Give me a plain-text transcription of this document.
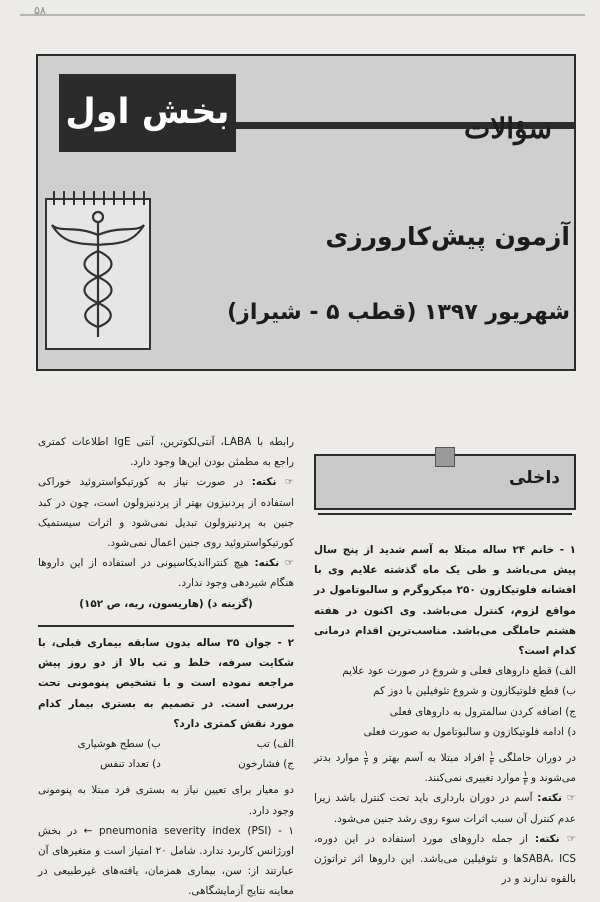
۵۸
بخش اول	سؤالات
آزمون پیش‌کارورزی
شهریور ۱۳۹۷ (قطب ۵ - شیراز)
داخلی

۱ - خانم ۲۴ ساله مبتلا به آسم شدید از پنج سال پیش می‌باشد و طی یک ماه گذشته علایم وی با افشانه فلوتیکازون ۲۵۰ میکروگرم و سالبوتامول در مواقع لزوم، کنترل می‌باشد. وی اکنون در هفته هشتم حاملگی می‌باشد. مناسب‌ترین اقدام درمانی کدام است؟

الف) قطع داروهای فعلی و شروع در صورت عود علایم

ب) قطع فلوتیکازون و شروع تئوفیلین با دوز کم

ج) اضافه کردن سالمترول به داروهای فعلی

د) ادامه فلوتیکازون و سالبوتامول به صورت فعلی

در دوران حاملگی
$\frac{۱}{۳}$
افراد مبتلا به آسم بهتر و
$\frac{۱}{۳}$
موارد بدتر می‌شوند و
$\frac{۱}{۳}$
موارد تغییری نمی‌کنند.

☞ نکته: آسم در دوران بارداری باید تحت کنترل باشد زیرا عدم کنترل آن سبب اثرات سوء روی رشد جنین می‌شود.

☞ نکته: از جمله داروهای مورد استفاده در این دوره، SABA، ICSها و تئوفیلین می‌باشد. این داروها اثر تراتوژن بالقوه ندارند و در

رابطه با LABA، آنتی‌لکوترین، آنتی IgE اطلاعات کمتری راجع به مطمئن بودن این‌ها وجود دارد.

☞ نکته: در صورت نیاز به کورتیکواستروئید خوراکی استفاده از پردنیزون بهتر از پردنیزولون است، چون در کبد جنین به پردنیزولون تبدیل نمی‌شود و اثرات سیستمیک کورتیکواستروئید روی جنین اعمال نمی‌شود.

☞ نکته: هیچ کنترااندیکاسیونی در استفاده از این داروها هنگام شیردهی وجود ندارد.

(گزینه د) (هاریسون، ریه، ص ۱۵۲)

۲ - جوان ۳۵ ساله بدون سابقه بیماری قبلی، با شکایت سرفه، خلط و تب بالا از دو روز پیش مراجعه نموده است و با تشخیص پنومونی تحت بررسی است. در تصمیم به بستری بیمار کدام مورد نقش کمتری دارد؟

الف) تب
ب) سطح هوشیاری
ج) فشارخون
د) تعداد تنفس

دو معیار برای تعیین نیاز به بستری فرد مبتلا به پنومونی وجود دارد.

۱ - pneumonia severity index (PSI) ← در بخش اورژانس کاربرد ندارد. شامل ۲۰ امتیاز است و متغیرهای آن عبارتند از: سن، بیماری همزمان، یافته‌های غیرطبیعی در معاینه نتایج آزمایشگاهی.
